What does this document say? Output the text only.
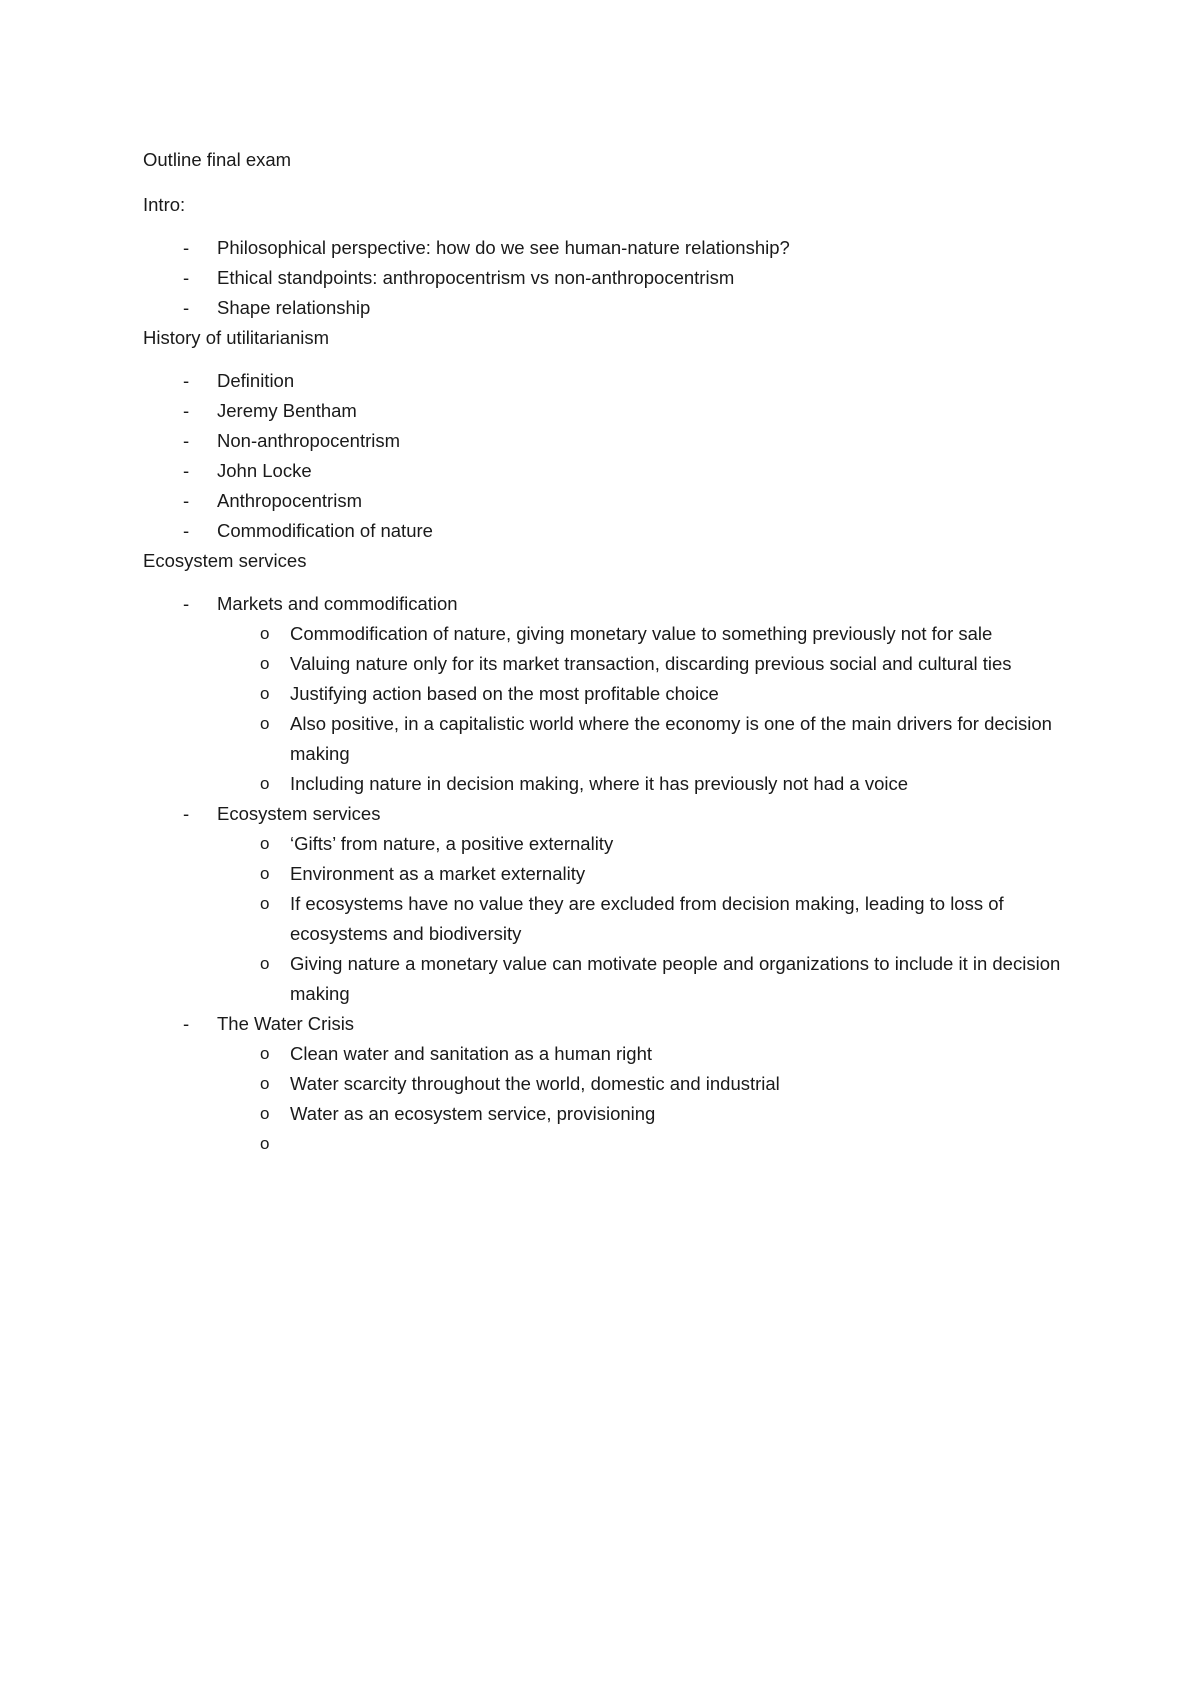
Outline final exam

Intro:

- Philosophical perspective: how do we see human-nature relationship?
- Ethical standpoints: anthropocentrism vs non-anthropocentrism
- Shape relationship

History of utilitarianism

- Definition
- Jeremy Bentham
- Non-anthropocentrism
- John Locke
- Anthropocentrism
- Commodification of nature

Ecosystem services

- Markets and commodification
o Commodification of nature, giving monetary value to something previously not for sale
o Valuing nature only for its market transaction, discarding previous social and cultural ties
o Justifying action based on the most profitable choice
o Also positive, in a capitalistic world where the economy is one of the main drivers for decision making
o Including nature in decision making, where it has previously not had a voice
- Ecosystem services
o ‘Gifts’ from nature, a positive externality
o Environment as a market externality
o If ecosystems have no value they are excluded from decision making, leading to loss of ecosystems and biodiversity
o Giving nature a monetary value can motivate people and organizations to include it in decision making
- The Water Crisis
o Clean water and sanitation as a human right
o Water scarcity throughout the world, domestic and industrial
o Water as an ecosystem service, provisioning
o
